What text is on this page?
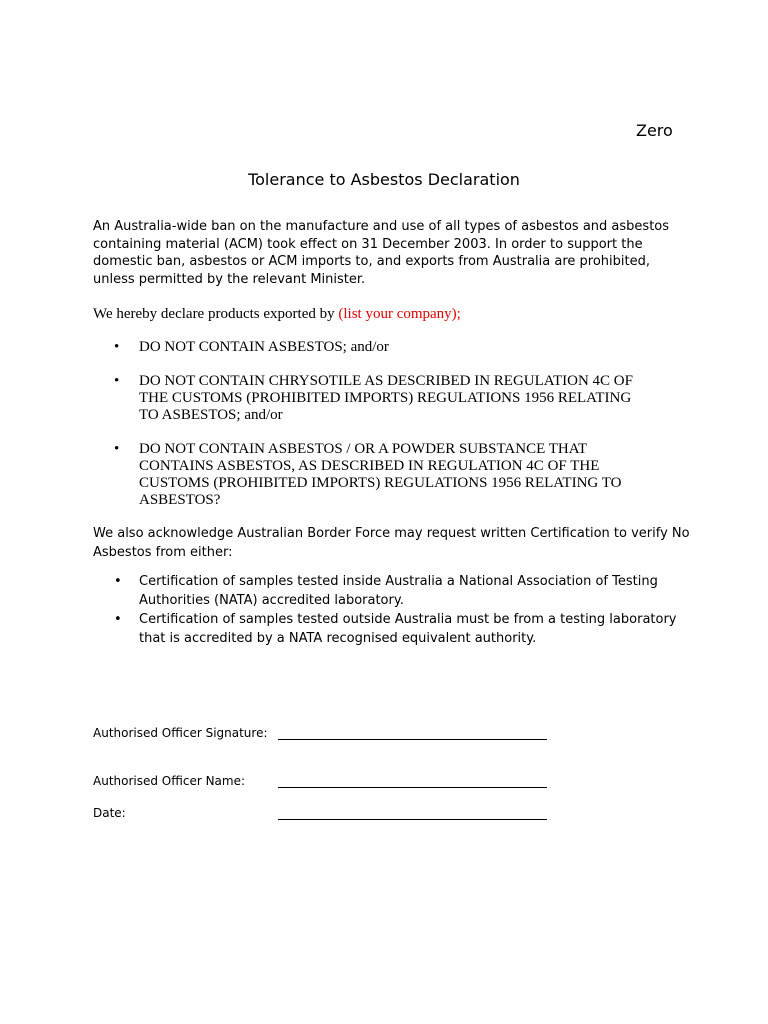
Zero
Tolerance to Asbestos Declaration

An Australia-wide ban on the manufacture and use of all types of asbestos and asbestos
containing material (ACM) took effect on 31 December 2003. In order to support the
domestic ban, asbestos or ACM imports to, and exports from Australia are prohibited,
unless permitted by the relevant Minister.

We hereby declare products exported by (list your company);

• DO NOT CONTAIN ASBESTOS; and/or
• DO NOT CONTAIN CHRYSOTILE AS DESCRIBED IN REGULATION 4C OF
THE CUSTOMS (PROHIBITED IMPORTS) REGULATIONS 1956 RELATING
TO ASBESTOS; and/or
• DO NOT CONTAIN ASBESTOS / OR A POWDER SUBSTANCE THAT
CONTAINS ASBESTOS, AS DESCRIBED IN REGULATION 4C OF THE
CUSTOMS (PROHIBITED IMPORTS) REGULATIONS 1956 RELATING TO
ASBESTOS?

We also acknowledge Australian Border Force may request written Certification to verify No
Asbestos from either:

• Certification of samples tested inside Australia a National Association of Testing
Authorities (NATA) accredited laboratory.
• Certification of samples tested outside Australia must be from a testing laboratory
that is accredited by a NATA recognised equivalent authority.
Authorised Officer Signature:
Authorised Officer Name:
Date:
